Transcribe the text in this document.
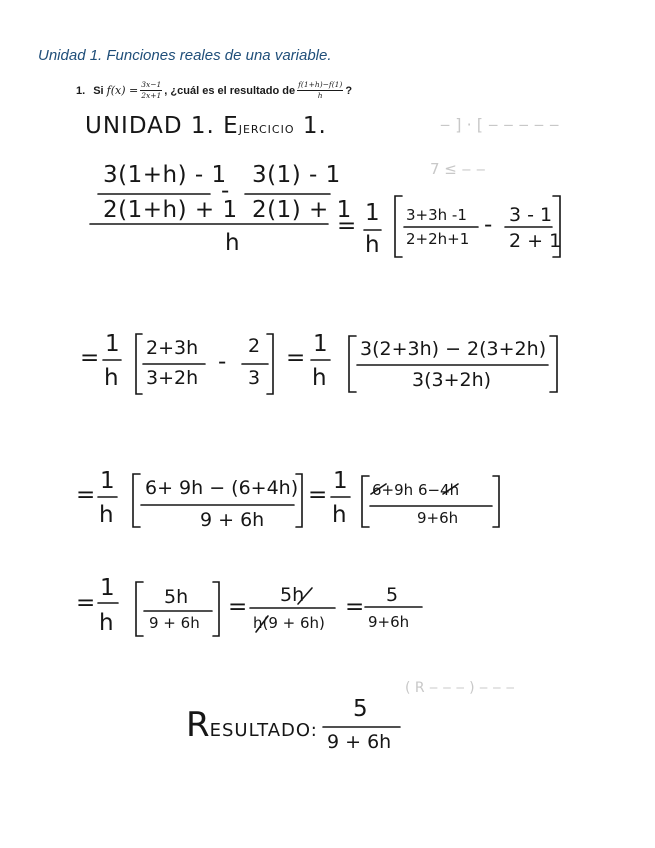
Unidad 1. Funciones reales de una variable.
1. Si
$f(x) = \frac{3x-1}{2x+1}$ , ¿cuál es el resultado de $\frac{f(1+h)-f(1)}{h}$ ?
‒ ] · [ ‒ ‒ ‒ ‒ ‒
7 ≤ ‒ ‒
( R ‒ ‒ ‒ ) ‒ ‒ ‒
UNIDAD 1. EJERCICIO 1.
3(1+h) - 1
2(1+h) + 1
-
3(1) - 1
2(1) + 1
h
= 1
h
3+3h -1
2+2h+1
- 3 - 1
2 + 1
=
1
h
2+3h
3+2h
-
2
3
=
1
h
3(2+3h) − 2(3+2h)
3(3+2h)
=
1
h
6+ 9h − (6+4h)
9 + 6h
=
1
h
6+9h 6−4h
9+6h
=
1
h
5h
9 + 6h
= 5h
h(9 + 6h)
= 5
9+6h
RESULTADO:
5
9 + 6h
